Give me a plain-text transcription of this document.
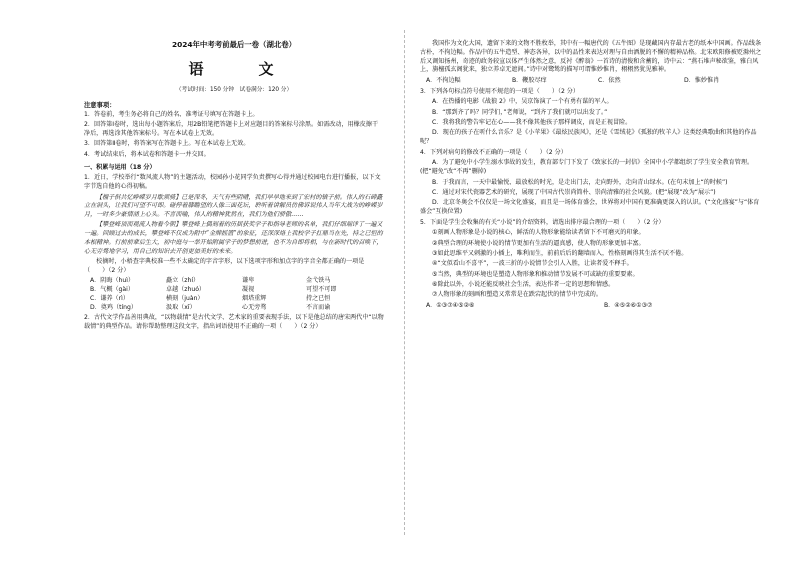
2024年中考考前最后一卷（湖北卷）
语　文
（考试时间：150 分钟　试卷满分：120 分）
注意事项：
1．答卷前，考生务必将自己的姓名、准考证号填写在答题卡上。
2．回答第Ⅰ卷时，选出每小题答案后，用2B铅笔把答题卡上对应题目的答案标号涂黑。如需改动，用橡皮擦干净后，再选涂其他答案标号。写在本试卷上无效。
3．回答第Ⅱ卷时，将答案写在答题卡上。写在本试卷上无效。
4．考试结束后，将本试卷和答题卡一并交回。
一、积累与运用（18 分）
1．近日，学校举行“数风流人物”的主题活动，校园孙小花同学负责撰写心得并通过校园电台进行播报，以下文字节选自他的心得初稿。
【榴子俱共忆峥嵘岁月歇须骑】已是深冬，天气有些阴晴，我们早早地来到了宏村的镇子前。伟人的石碑矗立在洞头，让我们可望不可即。碰停着膝瞻望的人像三面花坛，聆听着讲解员仿佛诉说伟人当年大战为的峥嵘岁月，一时多少豪情涌上心头。不言而喻，伟人的精神犹然在，我们为他们骄傲……
【攀登峰顶而观流人物看今朝】攀登峰上偶刻着的历届获奖学子和指导老师的名单，我们仔细端详了一遍又一遍。回顾过去的成长，攀登峰不仅成为附中“金牌摇篮”的象征，还深深烙上我校学子扛鼎当在先，持之已恒的本根精神。行前前辈后生大，初中庭与一举开始附属学子的梦想前进，也不为自即将相，与在新时代的召唤下，心无旁骛地学习，用自己的知识去开创更加美好的未来。
　　校摘时，小梧查字典校准一些不太确定的字音字形，以下选项字形和加点字的字音全都正确的一项是（　　）（2 分）
A．阴晦（huì）	矗立（zhí）	谦卑	金弋铁马
B．气概（gài）	卓越（zhuó）	凝视	可望不可即
C．谦养（rì）	横刻（juàn）	烟塔重辉	持之已恒
D．奠鸡（tíng）	汲取（xī）	心无旁骛	不言而谕
2．古代文学作品善用典故，“以物载情”是古代文学、艺术家的重要表现手法，以下是他总结的唐宋两代中“以物载情”的典型作品。请你帮助整理这段文字，指出词语使用不正确的一项（　　）（2 分）
我国作为文化大国，遗留下来的文物不胜枚举，其中有一幅唐代的《五牛图》是现藏国内存最古老的纸本中国画。作品线条古朴，不拘边幅。作品中的五牛造型、神态各异，以中的品性来表达对理与自由洒脱的不懈的精神品格。北宋欧阳修被贬滁州之后又调知扬州，奇迹的政务较宣以体严生体然之意，反衬《醉翁》一首诗的清俊和含蓄的，诗中云：“燕石堆声秘欲鉴，雅白风上，旃檀孤玄阁犹来，独立养卓无遮间。”诗中对鹭鸶的描写可谓惟妙惟肖，栩栩然犹见雅神。
A．不拘边幅	B．鞭胶尽痒	C．依然	D．惟妙惟肖
3．下列各句标点符号使用不规范的一项是（　　）（2 分）
A．在热播的电影《战狼 2》中，吴京饰演了一个有勇有谋的军人。
B．“那到齐了吗？同学们，”老师说，“到齐了我们就可以出发了。”
C．我将我的警告牢记在心——我不像其他孩子那样调皮，而是正视冒险。
D．现在的孩子在听什么音乐？是《小苹果》《最炫民族风》，还是《雪绒花》《孤独的牧羊人》这类经典歌曲和其他的作品呢？
4．下列对病句的修改不正确的一项是（　　）（2 分）
A．为了避免中小学生溺水事故的发生，教育部专门下发了《致家长的一封信》全国中小学都组织了学生安全教育管理。(把“避免”改“不再”删掉)
B．于我而言，一天中最愉悦、最放松的时光，是走出门去，走向野外，走向青山绿水。(在句末加上“的时候”)
C．通过对宋代瓷器艺术的研究，展现了中国古代崇尚简朴、崇尚清雅的社会风貌。(把“展现”改为“展示”)
D．北京冬奥会不仅仅是一场文化盛宴，而且是一场体育盛会，世界将对中国有更准确更深入的认识。(“文化盛宴”与“体育盛会”互换位置)
5．下面是学生会收集的有关“小说”的介绍资料，请选出排序最合理的一项（　　）（2 分）
①刻画人物形象是小说的核心，鲜活的人物形象能给读者留下不可磨灭的印象。
②典型合理的环境使小说的情节更加有生活的逼真感，使人物的形象更加丰富。
③如此思维平又刺激的小插上，唯利而生，前前后后的翻墙而入，性格刻画得其生活不厌不倦。
④“文似看山不喜平”，一波三折的小说情节会引人入胜，让读者爱不释手。
⑤当然，典型的环境也是塑造人物形象和推动情节发展不可或缺的重要要素。
⑥除此以外，小说还能反映社会生活，表达作者一定的思想和情感。
⑦人物形象的刻画和塑造又常常是在跌宕起伏的情节中完成的。
A．①③⑦④⑤②⑥	B．④⑤②⑥①③⑦
